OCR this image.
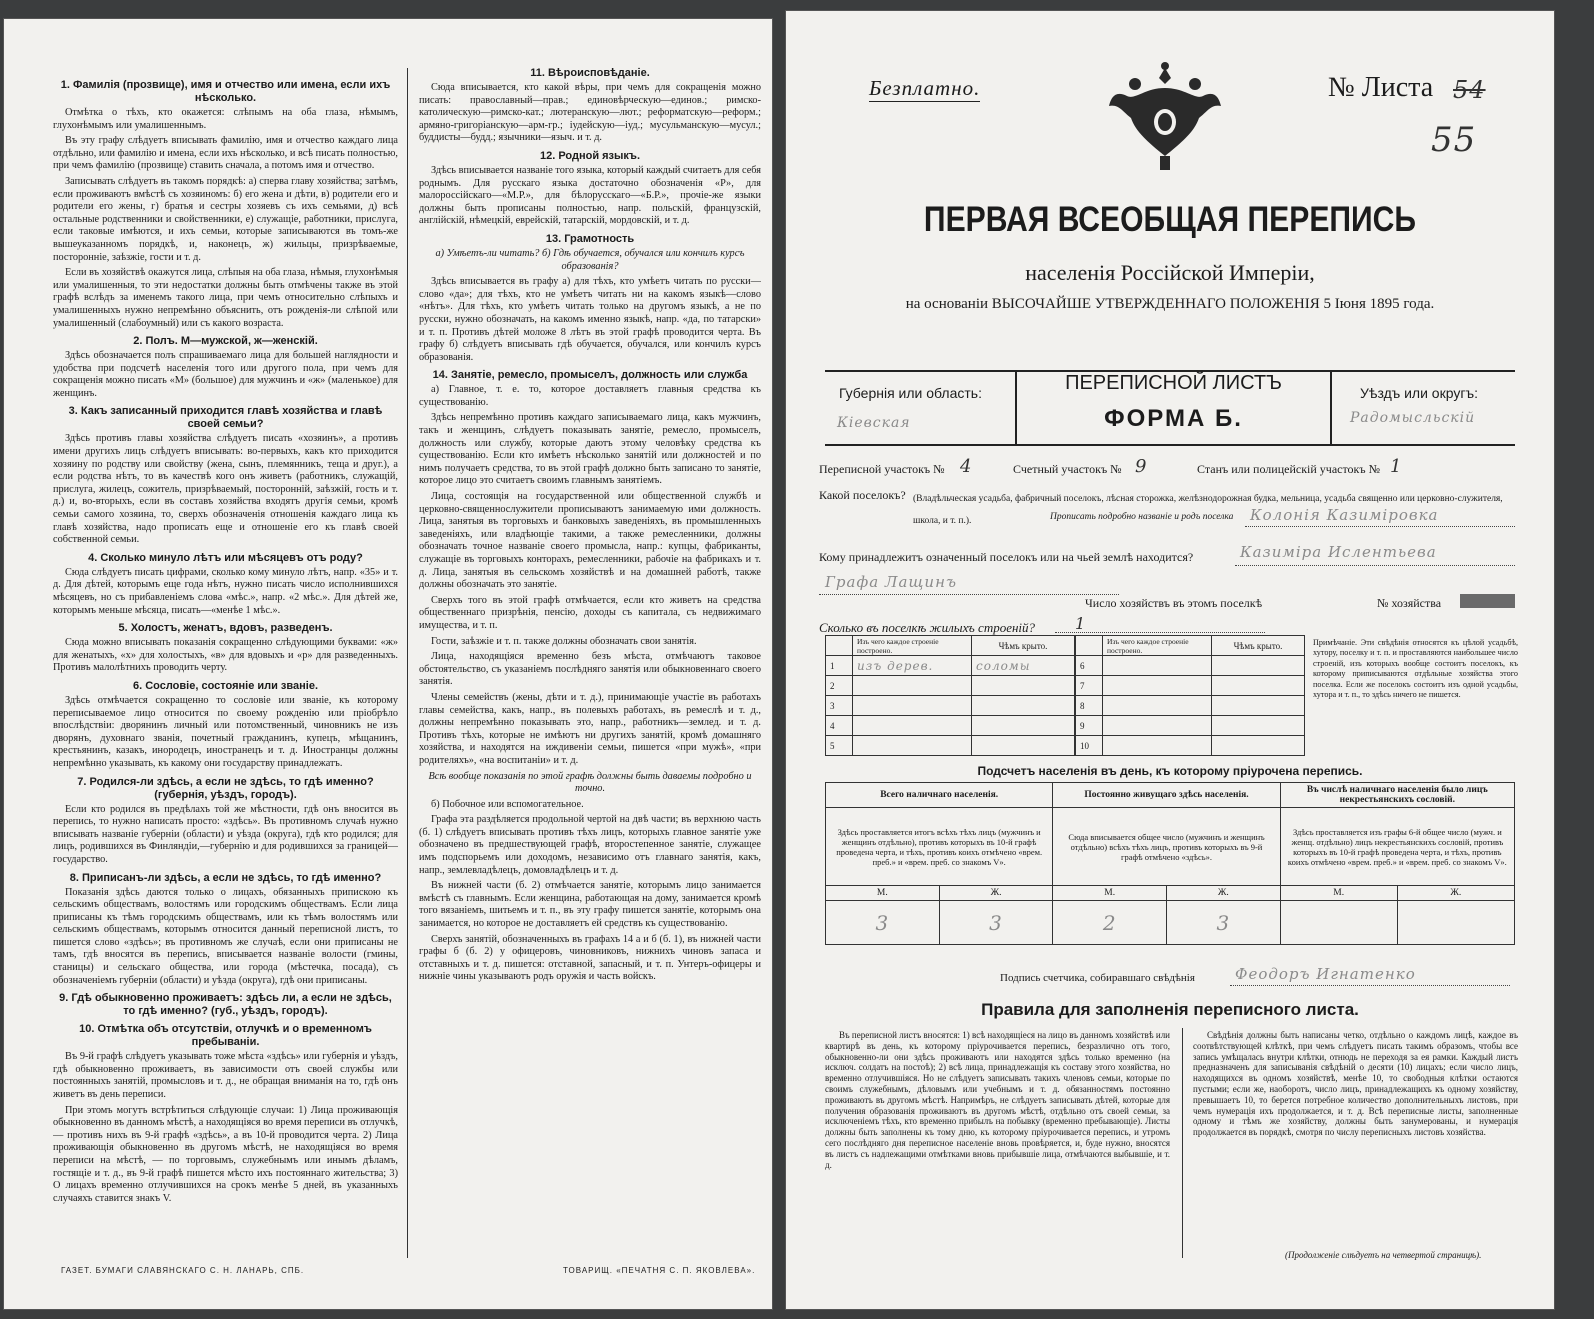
1. Фамилія (прозвище), имя и отчество или имена, если ихъ нѣсколько.

Отмѣтка о тѣхъ, кто окажется: слѣпымъ на оба глаза, нѣмымъ, глухонѣмымъ или умалишеннымъ.

Въ эту графу слѣдуетъ вписывать фамилію, имя и отчество каждаго лица отдѣльно, или фамилію и имена, если ихъ нѣсколько, и всѣ писать полностью, при чемъ фамилію (прозвище) ставить сначала, а потомъ имя и отчество.

Записывать слѣдуетъ въ такомъ порядкѣ: а) сперва главу хозяйства; затѣмъ, если проживаютъ вмѣстѣ съ хозяиномъ: б) его жена и дѣти, в) родители его и родители его жены, г) братья и сестры хозяевъ съ ихъ семьями, д) всѣ остальные родственники и свойственники, е) служащіе, работники, прислуга, если таковые имѣются, и ихъ семьи, которые записываются въ томъ-же вышеуказанномъ порядкѣ, и, наконецъ, ж) жильцы, призрѣваемые, посторонніе, заѣзжіе, гости и т. д.

Если въ хозяйствѣ окажутся лица, слѣпыя на оба глаза, нѣмыя, глухонѣмыя или умалишенныя, то эти недостатки должны быть отмѣчены также въ этой графѣ вслѣдъ за именемъ такого лица, при чемъ относительно слѣпыхъ и умалишенныхъ нужно непремѣнно объяснить, отъ рожденія-ли слѣпой или умалишенный (слабоумный) или съ какого возраста.

2. Полъ. М—мужской, ж—женскій.

Здѣсь обозначается полъ спрашиваемаго лица для большей наглядности и удобства при подсчетѣ населенія того или другого пола, при чемъ для сокращенія можно писать «М» (большое) для мужчинъ и «ж» (маленькое) для женщинъ.

3. Какъ записанный приходится главѣ хозяйства и главѣ своей семьи?

Здѣсь противъ главы хозяйства слѣдуетъ писать «хозяинъ», а противъ имени другихъ лицъ слѣдуетъ вписывать: во-первыхъ, какъ кто приходится хозяину по родству или свойству (жена, сынъ, племянникъ, теща и друг.), а если родства нѣтъ, то въ качествѣ кого онъ живетъ (работникъ, служащій, прислуга, жилецъ, сожитель, призрѣваемый, посторонній, заѣзжій, гость и т. д.) и, во-вторыхъ, если въ составъ хозяйства входятъ другія семьи, кромѣ семьи самого хозяина, то, сверхъ обозначенія отношенія каждаго лица къ главѣ хозяйства, надо прописать еще и отношеніе его къ главѣ своей собственной семьи.

4. Сколько минуло лѣтъ или мѣсяцевъ отъ роду?

Сюда слѣдуетъ писать цифрами, сколько кому минуло лѣтъ, напр. «35» и т. д. Для дѣтей, которымъ еще года нѣтъ, нужно писать число исполнившихся мѣсяцевъ, но съ прибавленіемъ слова «мѣс.», напр. «2 мѣс.». Для дѣтей же, которымъ меньше мѣсяца, писать—«менѣе 1 мѣс.».

5. Холостъ, женатъ, вдовъ, разведенъ.

Сюда можно вписывать показанія сокращенно слѣдующими буквами: «ж» для женатыхъ, «х» для холостыхъ, «в» для вдовыхъ и «р» для разведенныхъ. Противъ малолѣтнихъ проводить черту.

6. Сословіе, состояніе или званіе.

Здѣсь отмѣчается сокращенно то сословіе или званіе, къ которому переписываемое лицо относится по своему рожденію или пріобрѣло впослѣдствіи: дворянинъ личный или потомственный, чиновникъ не изъ дворянъ, духовнаго званія, почетный гражданинъ, купецъ, мѣщанинъ, крестьянинъ, казакъ, инородецъ, иностранецъ и т. д. Иностранцы должны непремѣнно указывать, къ какому они государству принадлежатъ.

7. Родился-ли здѣсь, а если не здѣсь, то гдѣ именно? (губернія, уѣздъ, городъ).

Если кто родился въ предѣлахъ той же мѣстности, гдѣ онъ вносится въ перепись, то нужно написать просто: «здѣсь». Въ противномъ случаѣ нужно вписывать названіе губерніи (области) и уѣзда (округа), гдѣ кто родился; для лицъ, родившихся въ Финляндіи,—губернію и для родившихся за границей—государство.

8. Приписанъ-ли здѣсь, а если не здѣсь, то гдѣ именно?

Показанія здѣсь даются только о лицахъ, обязанныхъ припискою къ сельскимъ обществамъ, волостямъ или городскимъ обществамъ. Если лица приписаны къ тѣмъ городскимъ обществамъ, или къ тѣмъ волостямъ или сельскимъ обществамъ, которымъ относится данный переписной листъ, то пишется слово «здѣсь»; въ противномъ же случаѣ, если они приписаны не тамъ, гдѣ вносятся въ перепись, вписывается названіе волости (гмины, станицы) и сельскаго общества, или города (мѣстечка, посада), съ обозначеніемъ губерніи (области) и уѣзда (округа), гдѣ они приписаны.

9. Гдѣ обыкновенно проживаетъ: здѣсь ли, а если не здѣсь, то гдѣ именно? (губ., уѣздъ, городъ).
10. Отмѣтка объ отсутствіи, отлучкѣ и о временномъ пребываніи.

Въ 9-й графѣ слѣдуетъ указывать тоже мѣста «здѣсь» или губернія и уѣздъ, гдѣ обыкновенно проживаетъ, въ зависимости отъ своей службы или постоянныхъ занятій, промысловъ и т. д., не обращая вниманія на то, гдѣ онъ живетъ въ день переписи.

При этомъ могутъ встрѣтиться слѣдующіе случаи: 1) Лица проживающія обыкновенно въ данномъ мѣстѣ, а находящіяся во время переписи въ отлучкѣ, — противъ нихъ въ 9-й графѣ «здѣсь», а въ 10-й проводится черта. 2) Лица проживающія обыкновенно въ другомъ мѣстѣ, не находящіяся во время переписи на мѣстѣ, — по торговымъ, служебнымъ или инымъ дѣламъ, гостящіе и т. д., въ 9-й графѣ пишется мѣсто ихъ постояннаго жительства; 3) О лицахъ временно отлучившихся на срокъ менѣе 5 дней, въ указанныхъ случаяхъ ставится знакъ V.

11. Вѣроисповѣданіе.

Сюда вписывается, кто какой вѣры, при чемъ для сокращенія можно писать: православный—прав.; единовѣрческую—единов.; римско-католическую—римско-кат.; лютеранскую—лют.; реформатскую—реформ.; армяно-григоріанскую—арм-гр.; іудейскую—іуд.; мусульманскую—мусул.; буддисты—будд.; язычники—языч. и т. д.

12. Родной языкъ.

Здѣсь вписывается названіе того языка, который каждый считаетъ для себя роднымъ. Для русскаго языка достаточно обозначенія «Р», для малороссійскаго—«М.Р.», для бѣлорусскаго—«Б.Р.», прочіе-же языки должны быть прописаны полностью, напр. польскій, французскій, англійскій, нѣмецкій, еврейскій, татарскій, мордовскій, и т. д.

13. Грамотность
а) Умѣетъ-ли читать? б) Гдѣ обучается, обучался или кончилъ курсъ образованія?

Здѣсь вписывается въ графу а) для тѣхъ, кто умѣетъ читать по русски—слово «да»; для тѣхъ, кто не умѣетъ читать ни на какомъ языкѣ—слово «нѣтъ». Для тѣхъ, кто умѣетъ читать только на другомъ языкѣ, а не по русски, нужно обозначать, на какомъ именно языкѣ, напр. «да, по татарски» и т. п. Противъ дѣтей моложе 8 лѣтъ въ этой графѣ проводится черта. Въ графу б) слѣдуетъ вписывать гдѣ обучается, обучался, или кончилъ курсъ образованія.

14. Занятіе, ремесло, промыселъ, должность или служба

а) Главное, т. е. то, которое доставляетъ главныя средства къ существованію.

Здѣсь непремѣнно противъ каждаго записываемаго лица, какъ мужчинъ, такъ и женщинъ, слѣдуетъ показывать занятіе, ремесло, промыселъ, должность или службу, которые даютъ этому человѣку средства къ существованію. Если кто имѣетъ нѣсколько занятій или должностей и по нимъ получаетъ средства, то въ этой графѣ должно быть записано то занятіе, которое лицо это считаетъ своимъ главнымъ занятіемъ.

Лица, состоящія на государственной или общественной службѣ и церковно-священнослужители прописываютъ занимаемую ими должность. Лица, занятыя въ торговыхъ и банковыхъ заведеніяхъ, въ промышленныхъ заведеніяхъ, или владѣющіе такими, а также ремесленники, должны обозначать точное названіе своего промысла, напр.: купцы, фабриканты, служащіе въ торговыхъ конторахъ, ремесленники, рабочіе на фабрикахъ и т. д. Лица, занятыя въ сельскомъ хозяйствѣ и на домашней работѣ, также должны обозначать это занятіе.

Сверхъ того въ этой графѣ отмѣчается, если кто живетъ на средства общественнаго призрѣнія, пенсію, доходы съ капитала, съ недвижимаго имущества, и т. п.

Гости, заѣзжіе и т. п. также должны обозначать свои занятія.

Лица, находящіяся временно безъ мѣста, отмѣчаютъ таковое обстоятельство, съ указаніемъ послѣдняго занятія или обыкновеннаго своего занятія.

Члены семействъ (жены, дѣти и т. д.), принимающіе участіе въ работахъ главы семейства, какъ, напр., въ полевыхъ работахъ, въ ремеслѣ и т. д., должны непремѣнно показывать это, напр., работникъ—землед. и т. д. Противъ тѣхъ, которые не имѣютъ ни другихъ занятій, кромѣ домашняго хозяйства, и находятся на иждивеніи семьи, пишется «при мужѣ», «при родителяхъ», «на воспитаніи» и т. д.

Всѣ вообще показанія по этой графѣ должны быть даваемы подробно и точно.

б) Побочное или вспомогательное.

Графа эта раздѣляется продольной чертой на двѣ части; въ верхнюю часть (б. 1) слѣдуетъ вписывать противъ тѣхъ лицъ, которыхъ главное занятіе уже обозначено въ предшествующей графѣ, второстепенное занятіе, служащее имъ подспорьемъ или доходомъ, независимо отъ главнаго занятія, какъ, напр., землевладѣлецъ, домовладѣлецъ и т. д.

Въ нижней части (б. 2) отмѣчается занятіе, которымъ лицо занимается вмѣстѣ съ главнымъ. Если женщина, работающая на дому, занимается кромѣ того вязаніемъ, шитьемъ и т. п., въ эту графу пишется занятіе, которымъ она занимается, но которое не доставляетъ ей средствъ къ существованію.

Сверхъ занятій, обозначенныхъ въ графахъ 14 а и б (б. 1), въ нижней части графы б (б. 2) у офицеровъ, чиновниковъ, нижнихъ чиновъ запаса и отставныхъ и т. д. пишется: отставной, запасный, и т. п. Унтеръ-офицеры и нижніе чины указываютъ родъ оружія и часть войскъ.

ГАЗЕТ. БУМАГИ СЛАВЯНСКАГО С. Н. ЛАНАРЬ, СПБ.	ТОВАРИЩ. «ПЕЧАТНЯ С. П. ЯКОВЛЕВА».
Безплатно.	№ Листа 54
55
ПЕРВАЯ ВСЕОБЩАЯ ПЕРЕПИСЬ
населенія Россійской Имперіи,
на основаніи ВЫСОЧАЙШЕ УТВЕРЖДЕННАГО ПОЛОЖЕНІЯ 5 Іюня 1895 года.
Губернія или область:
Кіевская
ПЕРЕПИСНОЙ ЛИСТЪ
ФОРМА Б.
Уѣздъ или округъ:
Радомысльскій
Переписной участокъ № 4	Счетный участокъ № 9	Станъ или полицейскій участокъ № 1
Какой поселокъ? (Владѣльческая усадьба, фабричный поселокъ, лѣсная сторожка, желѣзнодорожная будка, мельница, усадьба священно или церковно-служителя, школа, и т. п.).	Прописать подробно названіе и родъ поселка Колонія Казиміровка
Кому принадлежитъ означенный поселокъ или на чьей землѣ находится?	Казиміра Ислентьева
Графа Лащинъ
Число хозяйствъ въ этомъ поселкѣ	№ хозяйства
Сколько въ поселкѣ жилыхъ строеній? 1
	Изъ чего каждое строеніе построено.	Чѣмъ крыто.
1	изъ дерев.	соломы
2		
3		
4		
5		
	Изъ чего каждое строеніе построено.	Чѣмъ крыто.
6		
7		
8		
9		
10		
Примѣчаніе. Эти свѣдѣнія относятся къ цѣлой усадьбѣ, хутору, поселку и т. п. и проставляются наибольшее число строеній, изъ которыхъ вообще состоитъ поселокъ, къ которому приписываются отдѣльные хозяйства этого поселка. Если же поселокъ состоитъ изъ одной усадьбы, хутора и т. п., то здѣсь ничего не пишется.
Подсчетъ населенія въ день, къ которому пріурочена перепись.
Всего наличнаго населенія.		Постоянно живущаго здѣсь населенія.		Въ числѣ наличнаго населенія было лицъ некрестьянскихъ сословій.	
Здѣсь проставляется итогъ всѣхъ тѣхъ лицъ (мужчинъ и женщинъ отдѣльно), противъ которыхъ въ 10-й графѣ проведена черта, и тѣхъ, противъ коихъ отмѣчено «врем. преб.» и «врем. преб. со знакомъ V».		Сюда вписывается общее число (мужчинъ и женщинъ отдѣльно) всѣхъ тѣхъ лицъ, противъ которыхъ въ 9-й графѣ отмѣчено «здѣсь».		Здѣсь проставляется изъ графы 6-й общее число (мужч. и женщ. отдѣльно) лицъ некрестьянскихъ сословій, противъ которыхъ въ 10-й графѣ проведена черта, и тѣхъ, противъ коихъ отмѣчено «врем. преб.» и «врем. преб. со знакомъ V».	
М.	Ж.	М.	Ж.	М.	Ж.
3	3	2	3		
Подпись счетчика, собиравшаго свѣдѣнія	Феодоръ Игнатенко
Правила для заполненія переписного листа.
Въ переписной листъ вносятся: 1) всѣ находящіеся на лицо въ данномъ хозяйствѣ или квартирѣ въ день, къ которому пріурочивается перепись, безразлично отъ того, обыкновенно-ли они здѣсь проживаютъ или находятся здѣсь только временно (на исключ. солдатъ на постоѣ); 2) всѣ лица, принадлежащія къ составу этого хозяйства, но временно отлучившіяся. Но не слѣдуетъ записывать такихъ членовъ семьи, которые по своимъ служебнымъ, дѣловымъ или учебнымъ и т. д. обязанностямъ постоянно проживаютъ въ другомъ мѣстѣ. Напримѣръ, не слѣдуетъ записывать дѣтей, которые для получения образованія проживаютъ въ другомъ мѣстѣ, отдѣльно отъ своей семьи, за исключеніемъ тѣхъ, кто временно прибылъ на побывку (временно пребывающіе). Листы должны быть заполнены къ тому дню, къ которому пріурочивается перепись, и утромъ сего послѣдняго дня переписное населеніе вновь провѣряется, и, буде нужно, вносятся въ листъ съ надлежащими отмѣтками вновь прибывшіе лица, отмѣчаются выбывшіе, и т. д.
Свѣдѣнія должны быть написаны четко, отдѣльно о каждомъ лицѣ, каждое въ соотвѣтствующей клѣткѣ, при чемъ слѣдуетъ писать такимъ образомъ, чтобы все запись умѣщалась внутри клѣтки, отнюдь не переходя за ея рамки. Каждый листъ предназначенъ для записыванія свѣдѣній о десяти (10) лицахъ; если число лицъ, находящихся въ одномъ хозяйствѣ, менѣе 10, то свободныя клѣтки остаются пустыми; если же, наоборотъ, число лицъ, принадлежащихъ къ одному хозяйству, превышаетъ 10, то берется потребное количество дополнительныхъ листовъ, при чемъ нумерація ихъ продолжается, и т. д. Всѣ переписные листы, заполненные одному и тѣмъ же хозяйству, должны быть занумерованы, и нумерація продолжается въ порядкѣ, смотря по числу переписныхъ листовъ хозяйства.
(Продолженіе слѣдуетъ на четвертой страницѣ).
